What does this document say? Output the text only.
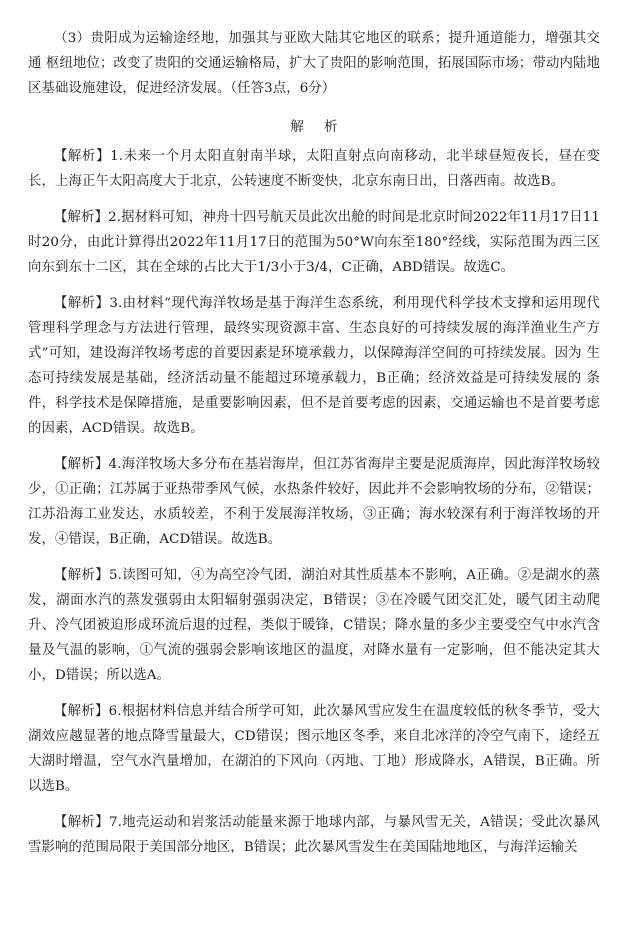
（3）贵阳成为运输途经地，加强其与亚欧大陆其它地区的联系；提升通道能力，增强其交通 枢纽地位；改变了贵阳的交通运输格局，扩大了贵阳的影响范围，拓展国际市场；带动内陆地区基础设施建设，促进经济发展。（任答3点，6分）

解析

【解析】1.未来一个月太阳直射南半球，太阳直射点向南移动，北半球昼短夜长，昼在变长，上海正午太阳高度大于北京，公转速度不断变快，北京东南日出，日落西南。故选B。

【解析】2.据材料可知，神舟十四号航天员此次出舱的时间是北京时间2022年11月17日11时20分，由此计算得出2022年11月17日的范围为50°W向东至180°经线，实际范围为西三区向东到东十二区，其在全球的占比大于1/3小于3/4，C正确，ABD错误。故选C。

【解析】3.由材料“现代海洋牧场是基于海洋生态系统，利用现代科学技术支撑和运用现代 管理科学理念与方法进行管理，最终实现资源丰富、生态良好的可持续发展的海洋渔业生产方 式”可知，建设海洋牧场考虑的首要因素是环境承载力，以保障海洋空间的可持续发展。因为 生态可持续发展是基础，经济活动量不能超过环境承载力，B正确；经济效益是可持续发展的 条件，科学技术是保障措施，是重要影响因素，但不是首要考虑的因素，交通运输也不是首要考虑的因素，ACD错误。故选B。

【解析】4.海洋牧场大多分布在基岩海岸，但江苏省海岸主要是泥质海岸，因此海洋牧场较少，①正确；江苏属于亚热带季风气候，水热条件较好，因此并不会影响牧场的分布，②错误；江苏沿海工业发达，水质较差，不利于发展海洋牧场，③正确；海水较深有利于海洋牧场的开发，④错误，B正确，ACD错误。故选B。

【解析】5.读图可知，④为高空冷气团，湖泊对其性质基本不影响，A正确。②是湖水的蒸 发，湖面水汽的蒸发强弱由太阳辐射强弱决定，B错误；③在冷暖气团交汇处，暖气团主动爬 升、冷气团被迫形成环流后退的过程，类似于暖锋，C错误；降水量的多少主要受空气中水汽含 量及气温的影响，①气流的强弱会影响该地区的温度，对降水量有一定影响，但不能决定其大小，D错误；所以选A。

【解析】6.根据材料信息并结合所学可知，此次暴风雪应发生在温度较低的秋冬季节，受大湖效应越显著的地点降雪量最大，CD错误；图示地区冬季，来自北冰洋的冷空气南下，途经五大湖时增温，空气水汽量增加，在湖泊的下风向（丙地、丁地）形成降水，A错误，B正确。所以选B。

【解析】7.地壳运动和岩浆活动能量来源于地球内部，与暴风雪无关，A错误；受此次暴风雪影响的范围局限于美国部分地区，B错误；此次暴风雪发生在美国陆地地区，与海洋运输关
